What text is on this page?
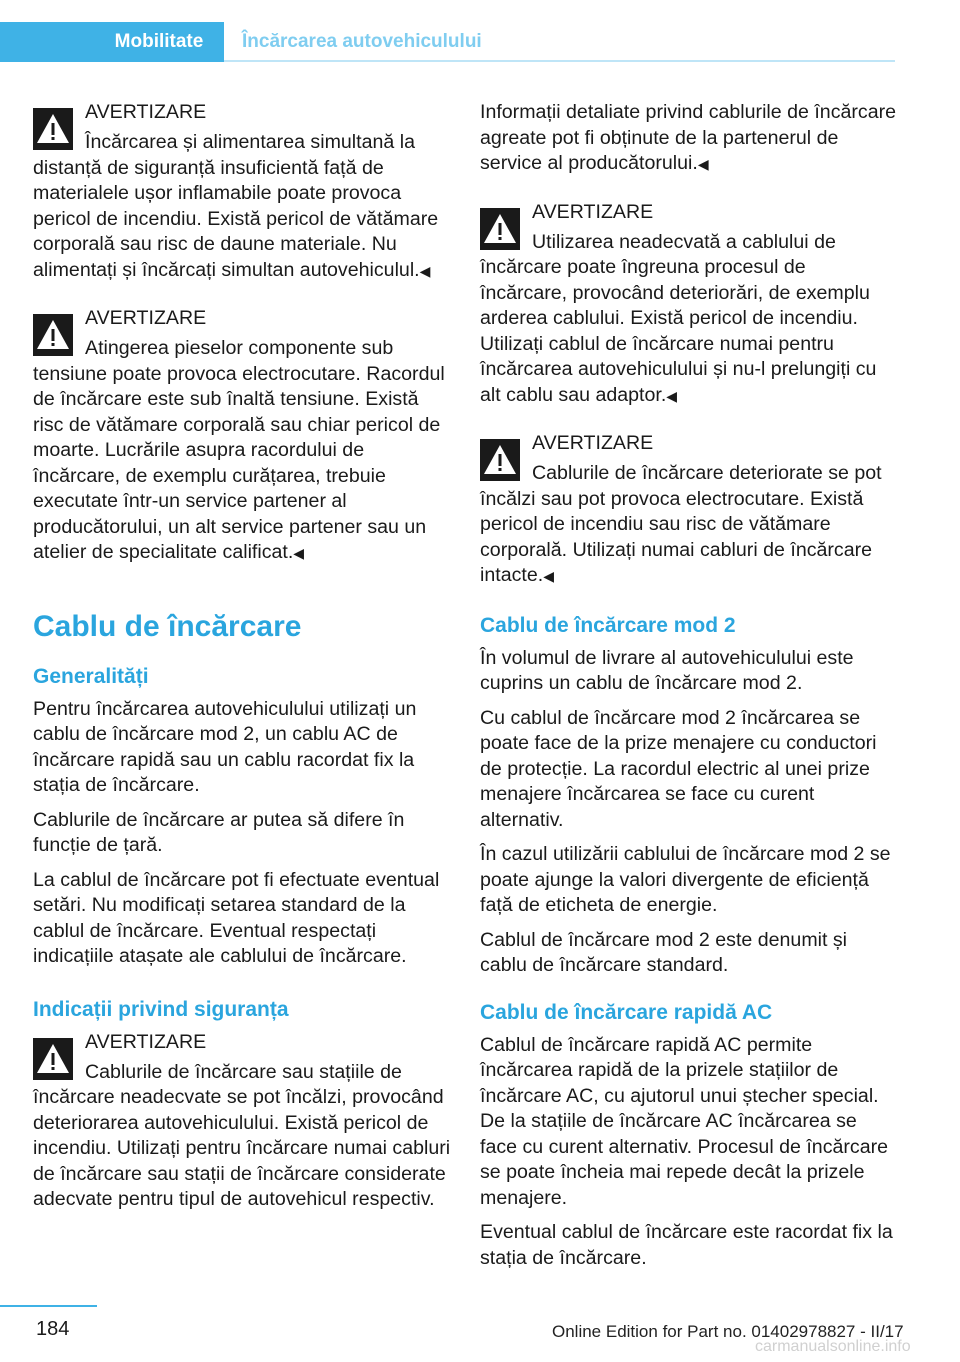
Mobilitate	Încărcarea autovehiculului
AVERTIZARE
Încărcarea și alimentarea simultană la distanță de siguranță insuficientă față de materialele ușor inflamabile poate provoca pericol de incendiu. Există pericol de vătămare corporală sau risc de daune materiale. Nu alimentați și încărcați simultan autovehiculul.◀
AVERTIZARE
Atingerea pieselor componente sub tensiune poate provoca electrocutare. Racordul de încărcare este sub înaltă tensiune. Există risc de vătămare corporală sau chiar pericol de moarte. Lucrările asupra racordului de încărcare, de exemplu curățarea, trebuie executate într-un service partener al producătorului, un alt service partener sau un atelier de specialitate calificat.◀
Cablu de încărcare
Generalități

Pentru încărcarea autovehiculului utilizați un cablu de încărcare mod 2, un cablu AC de încărcare rapidă sau un cablu racordat fix la stația de încărcare.

Cablurile de încărcare ar putea să difere în funcție de țară.

La cablul de încărcare pot fi efectuate eventual setări. Nu modificați setarea standard de la cablul de încărcare. Eventual respectați indicațiile atașate ale cablului de încărcare.

Indicații privind siguranța
AVERTIZARE
Cablurile de încărcare sau stațiile de încărcare neadecvate se pot încălzi, provocând deteriorarea autovehiculului. Există pericol de incendiu. Utilizați pentru încărcare numai cabluri de încărcare sau stații de încărcare considerate adecvate pentru tipul de autovehicul respectiv.

Informații detaliate privind cablurile de încărcare agreate pot fi obținute de la partenerul de service al producătorului.◀

AVERTIZARE
Utilizarea neadecvată a cablului de încărcare poate îngreuna procesul de încărcare, provocând deteriorări, de exemplu arderea cablului. Există pericol de incendiu. Utilizați cablul de încărcare numai pentru încărcarea autovehiculului și nu-l prelungiți cu alt cablu sau adaptor.◀
AVERTIZARE
Cablurile de încărcare deteriorate se pot încălzi sau pot provoca electrocutare. Există pericol de incendiu sau risc de vătămare corporală. Utilizați numai cabluri de încărcare intacte.◀
Cablu de încărcare mod 2

În volumul de livrare al autovehiculului este cuprins un cablu de încărcare mod 2.

Cu cablul de încărcare mod 2 încărcarea se poate face de la prize menajere cu conductori de protecție. La racordul electric al unei prize menajere încărcarea se face cu curent alternativ.

În cazul utilizării cablului de încărcare mod 2 se poate ajunge la valori divergente de eficiență față de eticheta de energie.

Cablul de încărcare mod 2 este denumit și cablu de încărcare standard.

Cablu de încărcare rapidă AC

Cablul de încărcare rapidă AC permite încărcarea rapidă de la prizele stațiilor de încărcare AC, cu ajutorul unui ștecher special. De la stațiile de încărcare AC încărcarea se face cu curent alternativ. Procesul de încărcare se poate încheia mai repede decât la prizele menajere.

Eventual cablul de încărcare este racordat fix la stația de încărcare.

184	Online Edition for Part no. 01402978827 - II/17
carmanualsonline.info
